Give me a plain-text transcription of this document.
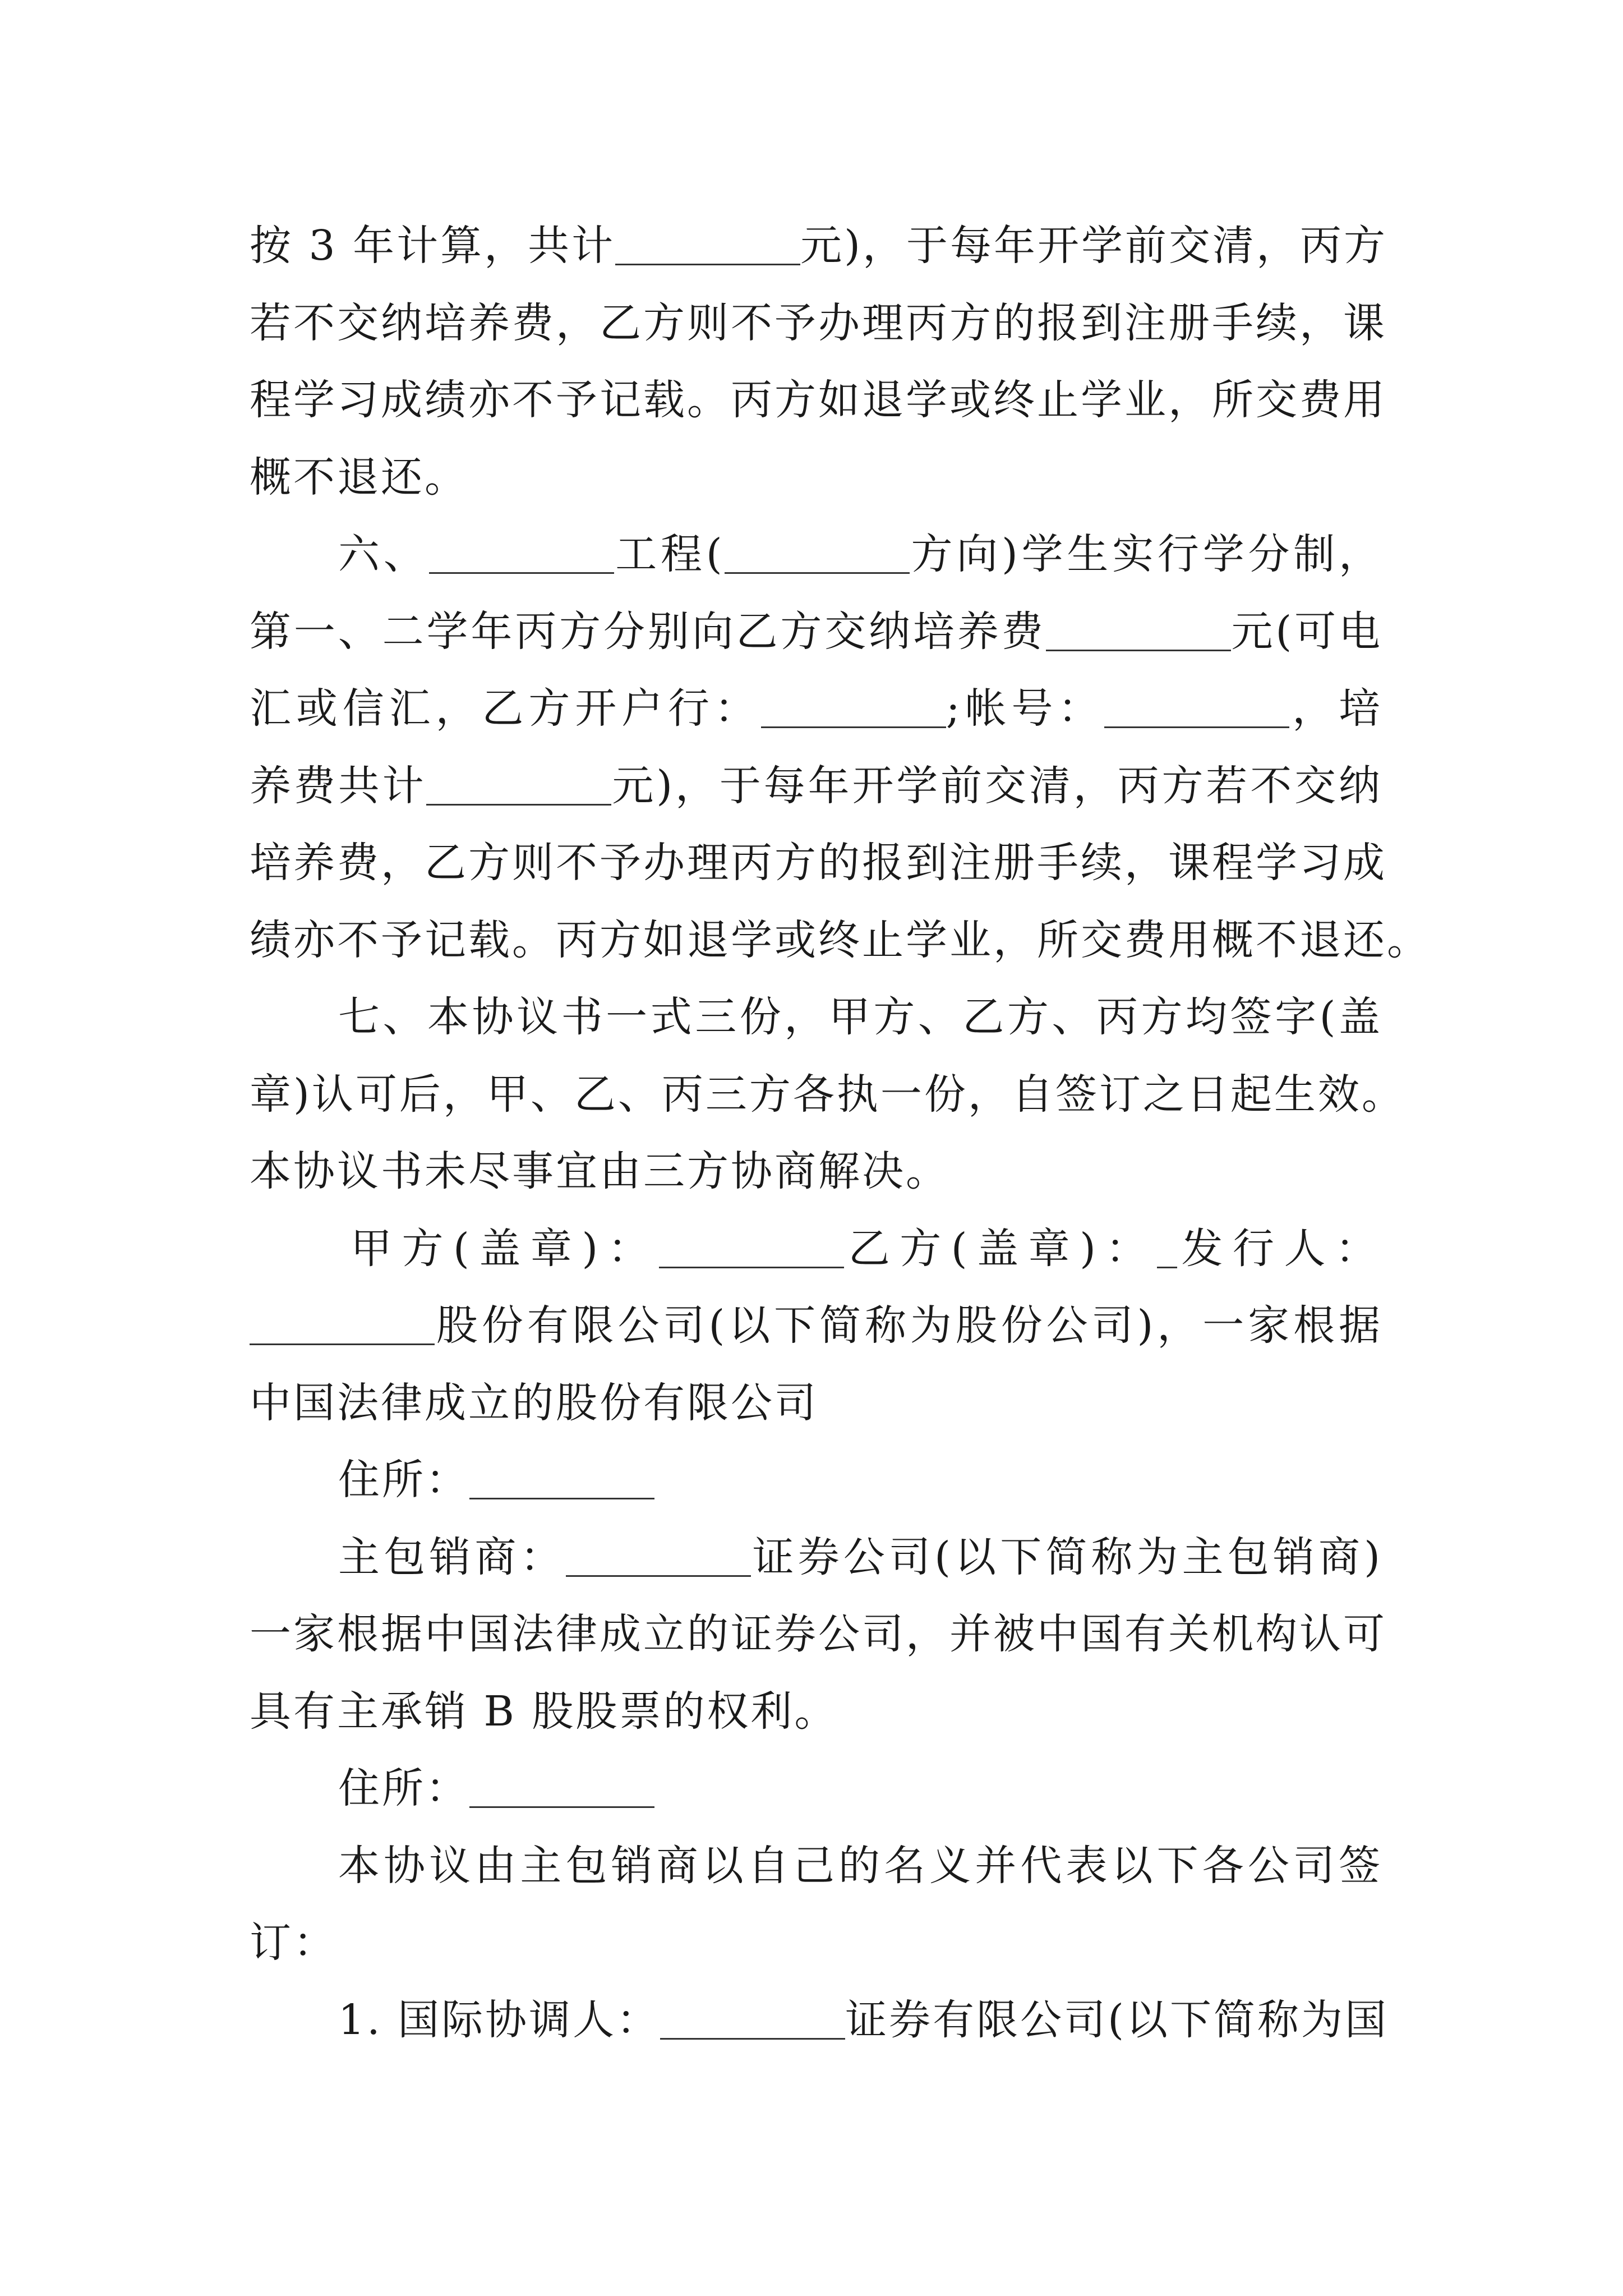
按 3 年计算，共计	元)，于每年开学前交清，丙方
若不交纳培养费，乙方则不予办理丙方的报到注册手续，课
程学习成绩亦不予记载。丙方如退学或终止学业，所交费用
概不退还。
六、	工程(	方向)学生实行学分制，
第一、二学年丙方分别向乙方交纳培养费	元(可电
汇或信汇，乙方开户行：	;帐号：	，培
养费共计	元)，于每年开学前交清，丙方若不交纳
培养费，乙方则不予办理丙方的报到注册手续，课程学习成
绩亦不予记载。丙方如退学或终止学业，所交费用概不退还。
七、本协议书一式三份，甲方、乙方、丙方均签字(盖
章)认可后，甲、乙、丙三方各执一份，自签订之日起生效。
本协议书未尽事宜由三方协商解决。
甲方(盖章)：	乙方(盖章)： 发行人：
股份有限公司(以下简称为股份公司)，一家根据
中国法律成立的股份有限公司
住所：
主包销商：	证券公司(以下简称为主包销商)
一家根据中国法律成立的证券公司，并被中国有关机构认可
具有主承销 B 股股票的权利。
住所：
本协议由主包销商以自己的名义并代表以下各公司签
订：
1. 国际协调人：	证券有限公司(以下简称为国
